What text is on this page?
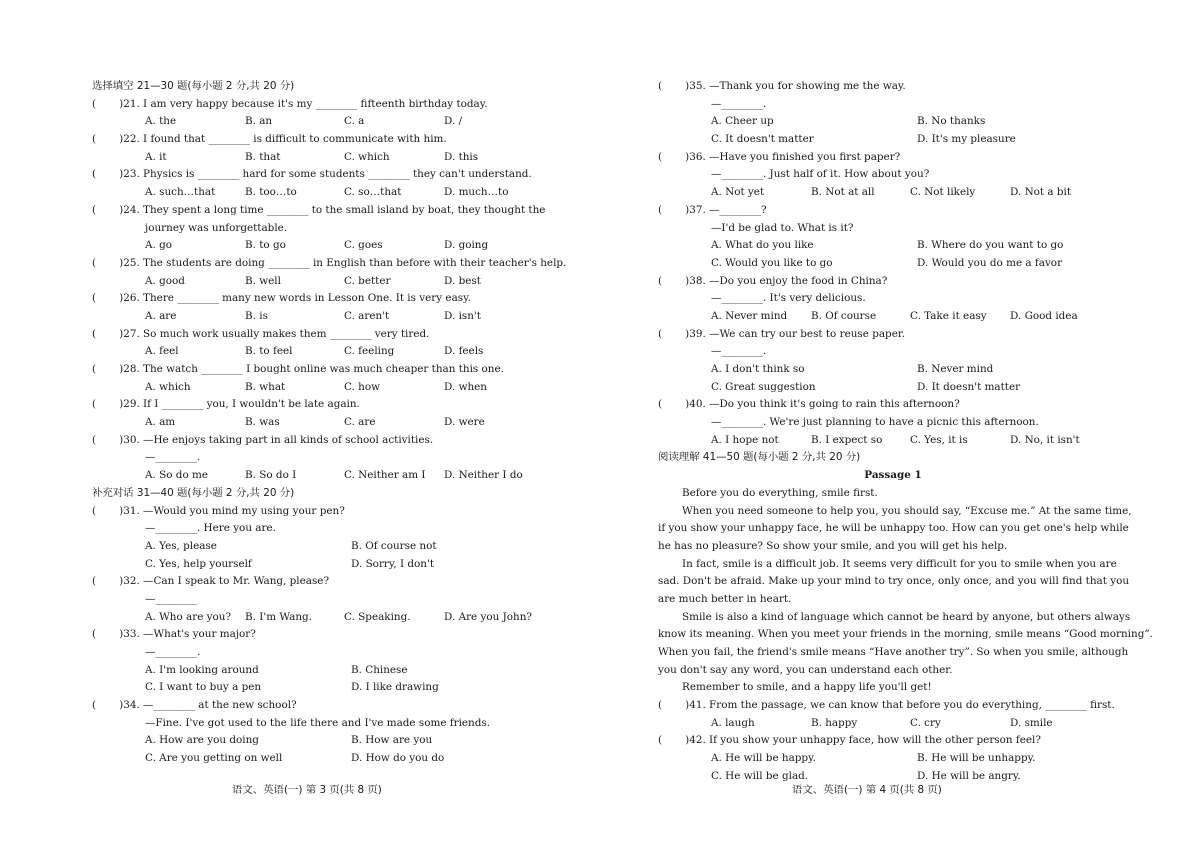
选择填空 21—30 题(每小题 2 分,共 20 分)
(       )21. I am very happy because it's my ________ fifteenth birthday today.
A. the	B. an	C. a	D. /
(       )22. I found that ________ is difficult to communicate with him.
A. it	B. that	C. which	D. this
(       )23. Physics is ________ hard for some students ________ they can't understand.
A. such…that	B. too…to	C. so…that	D. much…to
(       )24. They spent a long time ________ to the small island by boat, they thought the
journey was unforgettable.
A. go	B. to go	C. goes	D. going
(       )25. The students are doing ________ in English than before with their teacher's help.
A. good	B. well	C. better	D. best
(       )26. There ________ many new words in Lesson One. It is very easy.
A. are	B. is	C. aren't	D. isn't
(       )27. So much work usually makes them ________ very tired.
A. feel	B. to feel	C. feeling	D. feels
(       )28. The watch ________ I bought online was much cheaper than this one.
A. which	B. what	C. how	D. when
(       )29. If I ________ you, I wouldn't be late again.
A. am	B. was	C. are	D. were
(       )30. —He enjoys taking part in all kinds of school activities.
—________.
A. So do me	B. So do I	C. Neither am I D. Neither I do
补充对话 31—40 题(每小题 2 分,共 20 分)
(       )31. —Would you mind my using your pen?
—________. Here you are.
A. Yes, please	B. Of course not
C. Yes, help yourself	D. Sorry, I don't
(       )32. —Can I speak to Mr. Wang, please?
—________
A. Who are you? B. I'm Wang.	C. Speaking.	D. Are you John?
(       )33. —What's your major?
—________.
A. I'm looking around	B. Chinese
C. I want to buy a pen	D. I like drawing
(       )34. —________ at the new school?
—Fine. I've got used to the life there and I've made some friends.
A. How are you doing	B. How are you
C. Are you getting on well	D. How do you do
语文、英语(一) 第 3 页(共 8 页)
(       )35. —Thank you for showing me the way.
—________.
A. Cheer up	B. No thanks
C. It doesn't matter	D. It's my pleasure
(       )36. —Have you finished you first paper?
—________. Just half of it. How about you?
A. Not yet	B. Not at all	C. Not likely	D. Not a bit
(       )37. —________?
—I'd be glad to. What is it?
A. What do you like	B. Where do you want to go
C. Would you like to go	D. Would you do me a favor
(       )38. —Do you enjoy the food in China?
—________. It's very delicious.
A. Never mind B. Of course	C. Take it easy D. Good idea
(       )39. —We can try our best to reuse paper.
—________.
A. I don't think so	B. Never mind
C. Great suggestion	D. It doesn't matter
(       )40. —Do you think it's going to rain this afternoon?
—________. We're just planning to have a picnic this afternoon.
A. I hope not	B. I expect so	C. Yes, it is	D. No, it isn't
阅读理解 41—50 题(每小题 2 分,共 20 分)
Passage 1
Before you do everything, smile first.
When you need someone to help you, you should say, “Excuse me.” At the same time,
if you show your unhappy face, he will be unhappy too. How can you get one's help while
he has no pleasure? So show your smile, and you will get his help.
In fact, smile is a difficult job. It seems very difficult for you to smile when you are
sad. Don't be afraid. Make up your mind to try once, only once, and you will find that you
are much better in heart.
Smile is also a kind of language which cannot be heard by anyone, but others always
know its meaning. When you meet your friends in the morning, smile means “Good morning”.
When you fail, the friend's smile means “Have another try”. So when you smile, although
you don't say any word, you can understand each other.
Remember to smile, and a happy life you'll get!
(       )41. From the passage, we can know that before you do everything, ________ first.
A. laugh	B. happy	C. cry	D. smile
(       )42. If you show your unhappy face, how will the other person feel?
A. He will be happy.	B. He will be unhappy.
C. He will be glad.	D. He will be angry.
语文、英语(一) 第 4 页(共 8 页)
